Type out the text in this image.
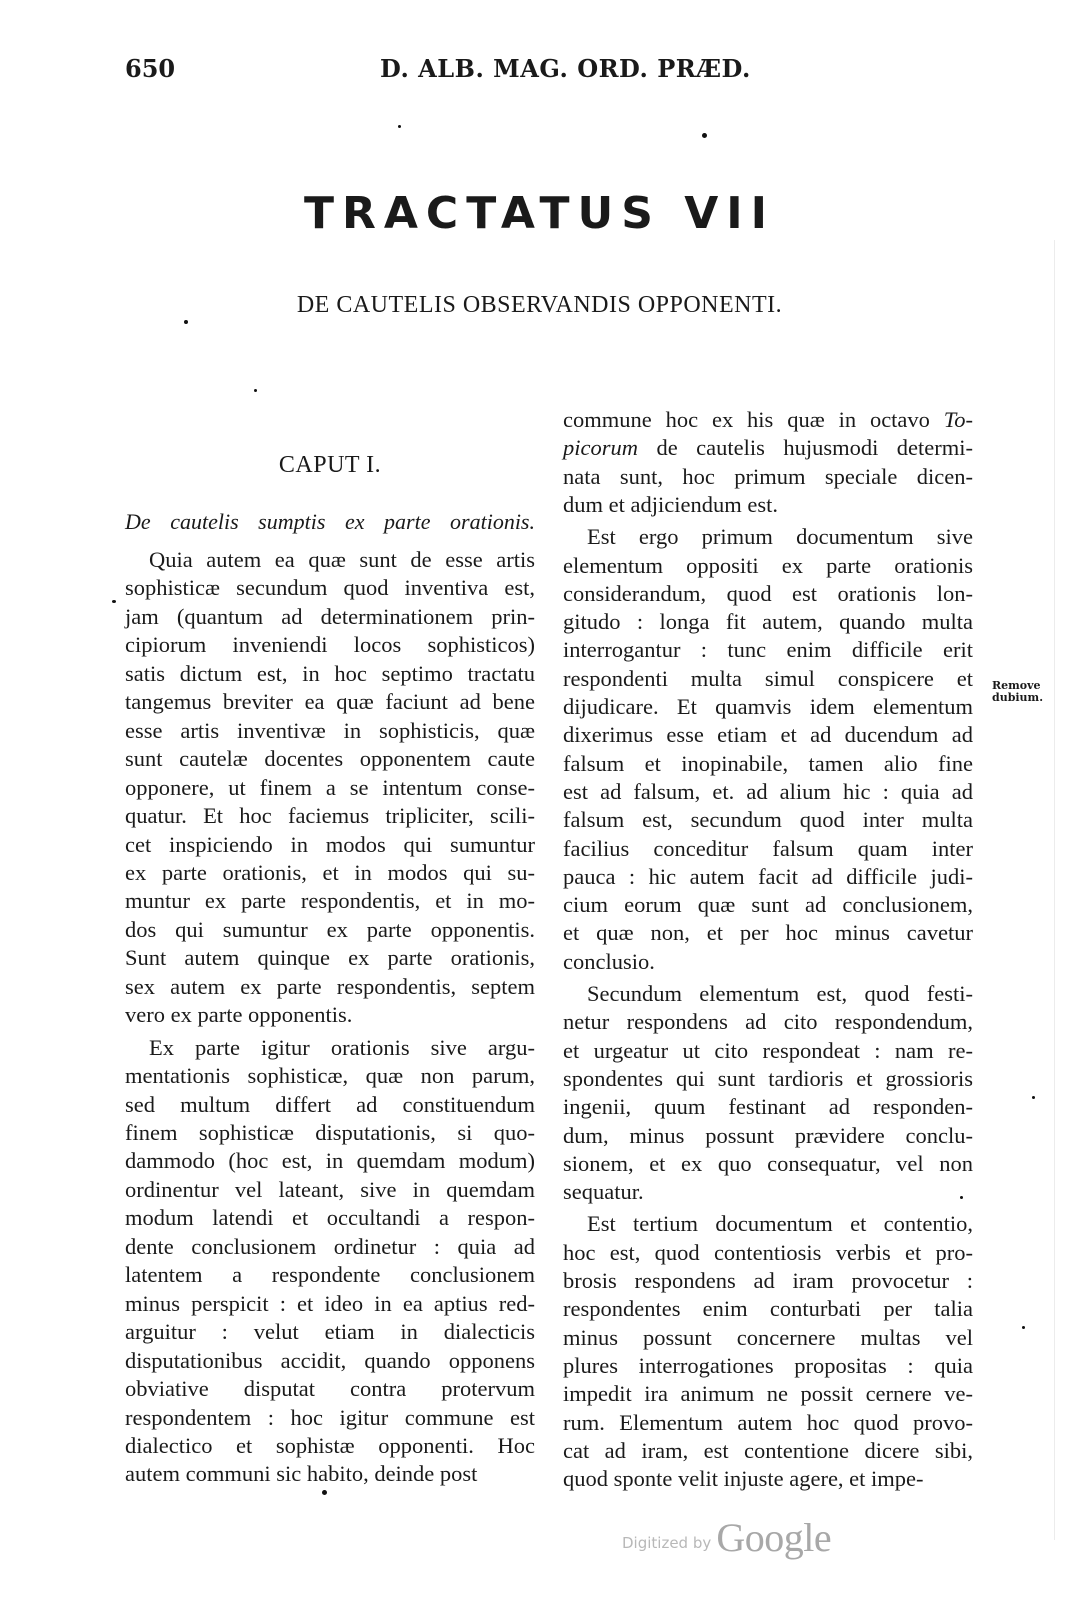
650	D. ALB. MAG. ORD. PRÆD.
TRACTATUS VII
DE CAUTELIS OBSERVANDIS OPPONENTI.
CAPUT I.
De cautelis sumptis ex parte orationis.
Quia autem ea quæ sunt de esse artis
sophisticæ secundum quod inventiva est,
jam (quantum ad determinationem prin-
cipiorum inveniendi locos sophisticos)
satis dictum est, in hoc septimo tractatu
tangemus breviter ea quæ faciunt ad bene
esse artis inventivæ in sophisticis, quæ
sunt cautelæ docentes opponentem caute
opponere, ut finem a se intentum conse-
quatur. Et hoc faciemus tripliciter, scili-
cet inspiciendo in modos qui sumuntur
ex parte orationis, et in modos qui su-
muntur ex parte respondentis, et in mo-
dos qui sumuntur ex parte opponentis.
Sunt autem quinque ex parte orationis,
sex autem ex parte respondentis, septem
vero ex parte opponentis.
Ex parte igitur orationis sive argu-
mentationis sophisticæ, quæ non parum,
sed multum differt ad constituendum
finem sophisticæ disputationis, si quo-
dammodo (hoc est, in quemdam modum)
ordinentur vel lateant, sive in quemdam
modum latendi et occultandi a respon-
dente conclusionem ordinetur : quia ad
latentem a respondente conclusionem
minus perspicit : et ideo in ea aptius red-
arguitur : velut etiam in dialecticis
disputationibus accidit, quando opponens
obviative disputat contra protervum
respondentem : hoc igitur commune est
dialectico et sophistæ opponenti. Hoc
autem communi sic habito, deinde post
commune hoc ex his quæ in octavo To-
picorum de cautelis hujusmodi determi-
nata sunt, hoc primum speciale dicen-
dum et adjiciendum est.
Est ergo primum documentum sive
elementum oppositi ex parte orationis
considerandum, quod est orationis lon-
gitudo : longa fit autem, quando multa
interrogantur : tunc enim difficile erit
respondenti multa simul conspicere et
dijudicare. Et quamvis idem elementum
dixerimus esse etiam et ad ducendum ad
falsum et inopinabile, tamen alio fine
est ad falsum, et. ad alium hic : quia ad
falsum est, secundum quod inter multa
facilius conceditur falsum quam inter
pauca : hic autem facit ad difficile judi-
cium eorum quæ sunt ad conclusionem,
et quæ non, et per hoc minus cavetur
conclusio.
Secundum elementum est, quod festi-
netur respondens ad cito respondendum,
et urgeatur ut cito respondeat : nam re-
spondentes qui sunt tardioris et grossioris
ingenii, quum festinant ad responden-
dum, minus possunt prævidere conclu-
sionem, et ex quo consequatur, vel non
sequatur.
Est tertium documentum et contentio,
hoc est, quod contentiosis verbis et pro-
brosis respondens ad iram provocetur :
respondentes enim conturbati per talia
minus possunt concernere multas vel
plures interrogationes propositas : quia
impedit ira animum ne possit cernere ve-
rum. Elementum autem hoc quod provo-
cat ad iram, est contentione dicere sibi,
quod sponte velit injuste agere, et impe-
Remove
dubium.
Digitized by Google
